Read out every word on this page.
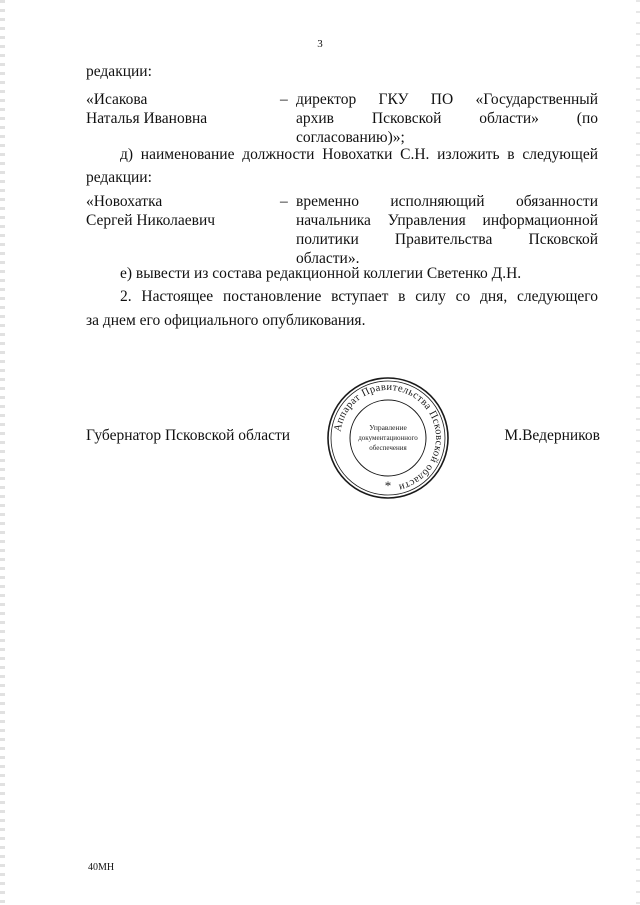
3
редакции:
«Исакова
Наталья Ивановна
– директор ГКУ ПО «Государственный
архив Псковской области» (по
согласованию)»;
д) наименование должности Новохатки С.Н. изложить в следующей
редакции:
«Новохатка
Сергей Николаевич
– временно исполняющий обязанности
начальника Управления информационной
политики Правительства Псковской
области».
е) вывести из состава редакционной коллегии Светенко Д.Н.
2. Настоящее постановление вступает в силу со дня, следующего
за днем его официального опубликования.
Губернатор Псковской области	Аппарат Правительства Псковской области
Управление
документационного
обеспечения
*
М.Ведерников
40МН
